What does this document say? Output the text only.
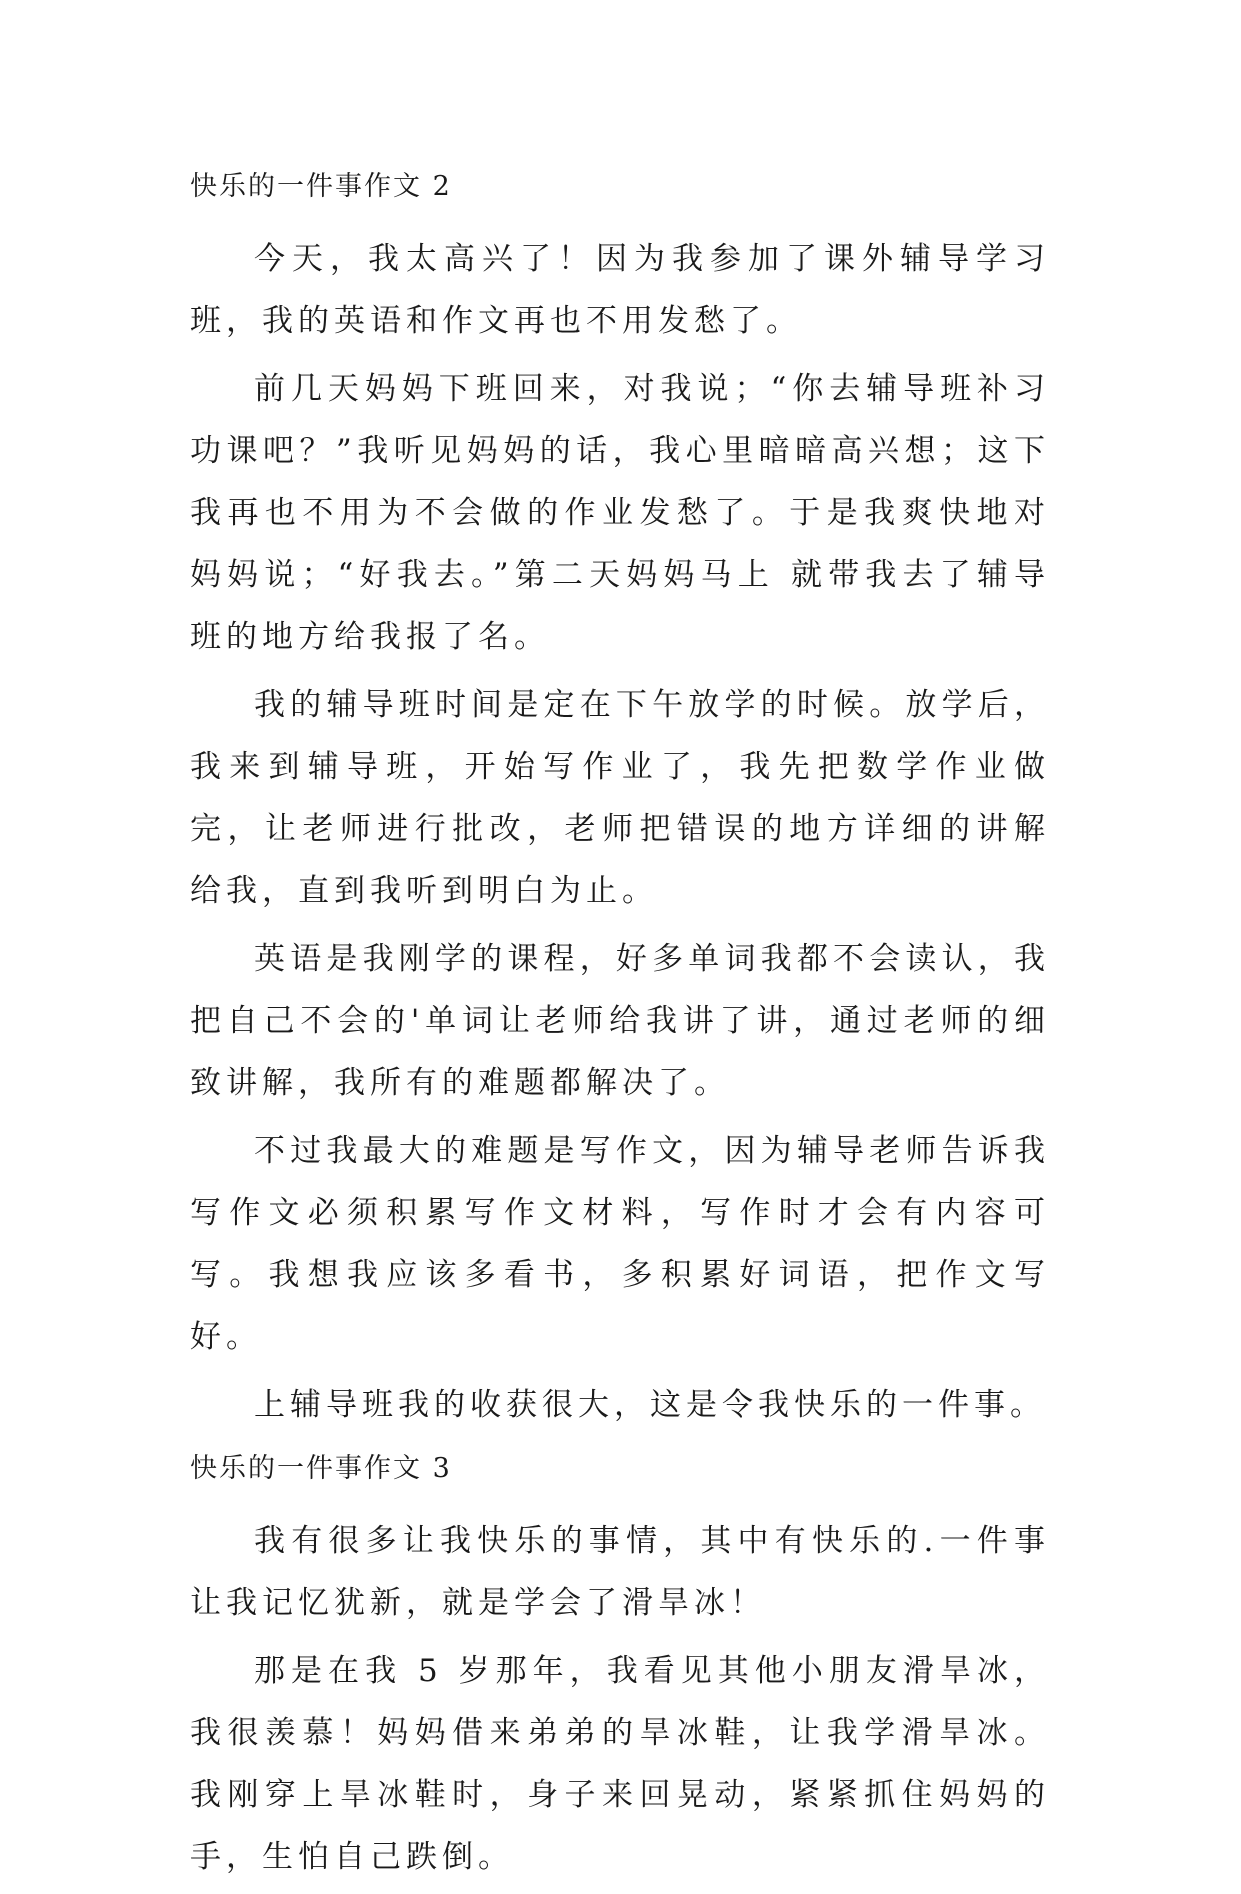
快乐的一件事作文 2

今天，我太高兴了！因为我参加了课外辅导学习班，我的英语和作文再也不用发愁了。

前几天妈妈下班回来，对我说；“你去辅导班补习功课吧？”我听见妈妈的话，我心里暗暗高兴想；这下我再也不用为不会做的作业发愁了。于是我爽快地对妈妈说；“好我去。”第二天妈妈马上 就带我去了辅导班的地方给我报了名。

我的辅导班时间是定在下午放学的时候。放学后，我来到辅导班，开始写作业了，我先把数学作业做完，让老师进行批改，老师把错误的地方详细的讲解给我，直到我听到明白为止。

英语是我刚学的课程，好多单词我都不会读认，我把自己不会的'单词让老师给我讲了讲，通过老师的细致讲解，我所有的难题都解决了。

不过我最大的难题是写作文，因为辅导老师告诉我写作文必须积累写作文材料，写作时才会有内容可写。我想我应该多看书，多积累好词语，把作文写好。

上辅导班我的收获很大，这是令我快乐的一件事。

快乐的一件事作文 3

我有很多让我快乐的事情，其中有快乐的.一件事让我记忆犹新，就是学会了滑旱冰！

那是在我 5 岁那年，我看见其他小朋友滑旱冰，我很羡慕！妈妈借来弟弟的旱冰鞋，让我学滑旱冰。我刚穿上旱冰鞋时，身子来回晃动，紧紧抓住妈妈的手，生怕自己跌倒。
